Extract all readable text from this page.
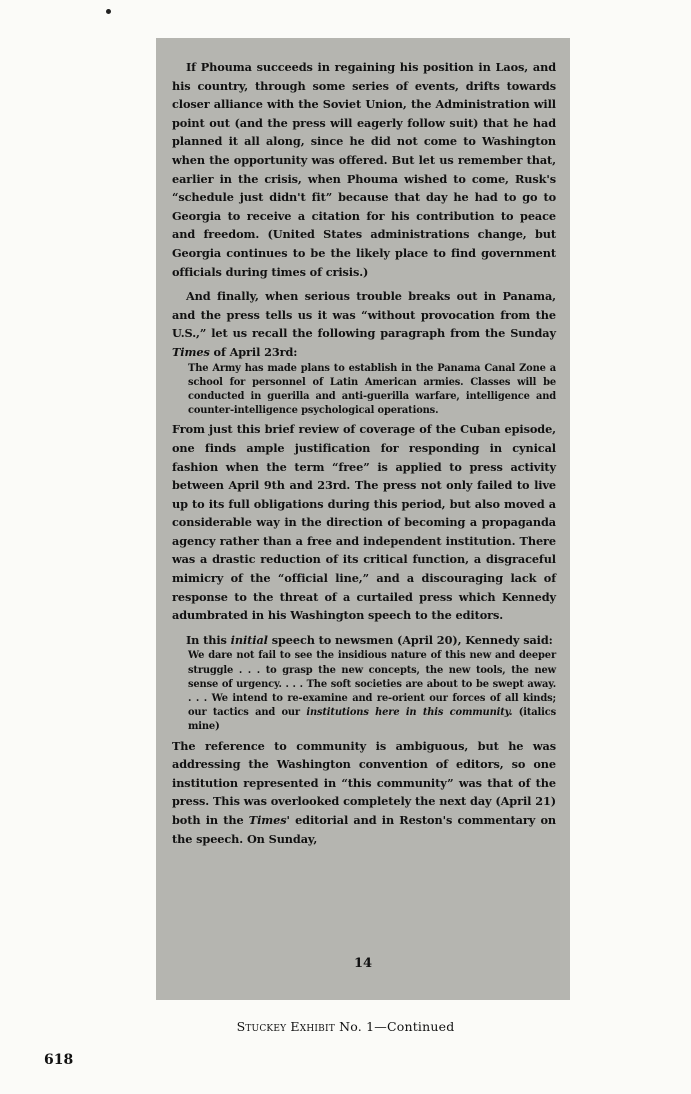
If Phouma succeeds in regaining his position in Laos, and his country, through some series of events, drifts towards closer alliance with the Soviet Union, the Administration will point out (and the press will eagerly follow suit) that he had planned it all along, since he did not come to Washington when the opportunity was offered. But let us remember that, earlier in the crisis, when Phouma wished to come, Rusk's “schedule just didn't fit” because that day he had to go to Georgia to receive a citation for his contribution to peace and freedom. (United States administrations change, but Georgia continues to be the likely place to find government officials during times of crisis.)

And finally, when serious trouble breaks out in Panama, and the press tells us it was “without provocation from the U.S.,” let us recall the following paragraph from the Sunday Times of April 23rd:

The Army has made plans to establish in the Panama Canal Zone a school for personnel of Latin American armies. Classes will be conducted in guerilla and anti-guerilla warfare, intelligence and counter-intelligence psychological operations.

From just this brief review of coverage of the Cuban episode, one finds ample justification for responding in cynical fashion when the term “free” is applied to press activity between April 9th and 23rd. The press not only failed to live up to its full obligations during this period, but also moved a considerable way in the direction of becoming a propaganda agency rather than a free and independent institution. There was a drastic reduction of its critical function, a disgraceful mimicry of the “official line,” and a discouraging lack of response to the threat of a curtailed press which Kennedy adumbrated in his Washington speech to the editors.

In this initial speech to newsmen (April 20), Kennedy said:

We dare not fail to see the insidious nature of this new and deeper struggle . . . to grasp the new concepts, the new tools, the new sense of urgency. . . . The soft societies are about to be swept away. . . . We intend to re-examine and re-orient our forces of all kinds; our tactics and our institutions here in this community. (italics mine)

The reference to community is ambiguous, but he was addressing the Washington convention of editors, so one institution represented in “this community” was that of the press. This was overlooked completely the next day (April 21) both in the Times' editorial and in Reston's commentary on the speech. On Sunday,

14
Stuckey Exhibit No. 1—Continued
618
